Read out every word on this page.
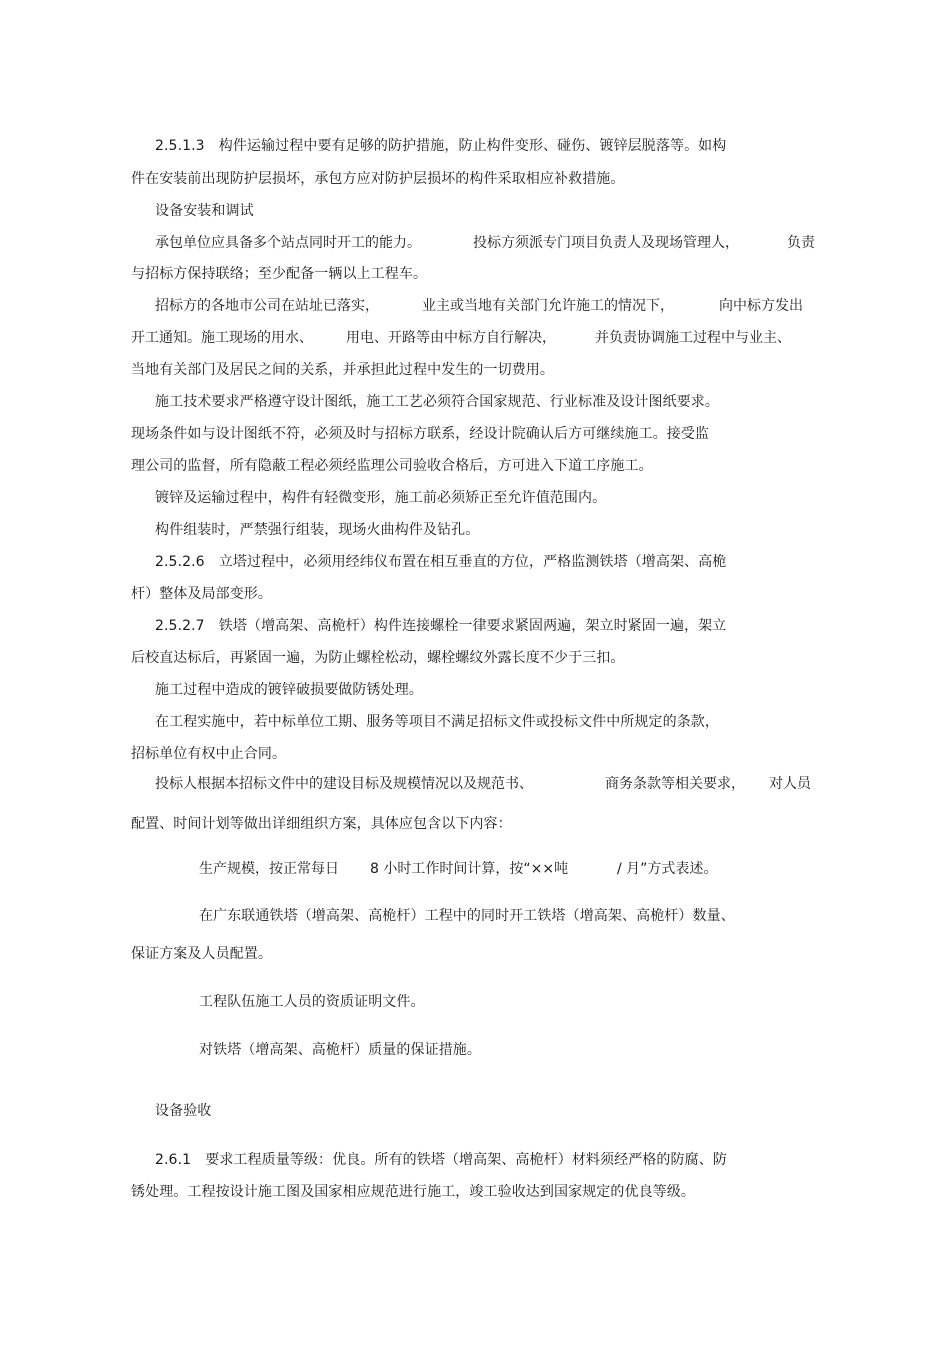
2.5.1.3　构件运输过程中要有足够的防护措施，防止构件变形、碰伤、镀锌层脱落等。如构
件在安装前出现防护层损坏，承包方应对防护层损坏的构件采取相应补救措施。
设备安装和调试
承包单位应具备多个站点同时开工的能力。	投标方须派专门项目负责人及现场管理人，	负责
与招标方保持联络；至少配备一辆以上工程车。
招标方的各地市公司在站址已落实，	业主或当地有关部门允许施工的情况下，	向中标方发出
开工通知。施工现场的用水、 用电、开路等由中标方自行解决，	并负责协调施工过程中与业主、
当地有关部门及居民之间的关系，并承担此过程中发生的一切费用。
施工技术要求严格遵守设计图纸，施工工艺必须符合国家规范、行业标准及设计图纸要求。
现场条件如与设计图纸不符，必须及时与招标方联系，经设计院确认后方可继续施工。接受监
理公司的监督，所有隐蔽工程必须经监理公司验收合格后，方可进入下道工序施工。
镀锌及运输过程中，构件有轻微变形，施工前必须矫正至允许值范围内。
构件组装时，严禁强行组装，现场火曲构件及钻孔。
2.5.2.6　立塔过程中，必须用经纬仪布置在相互垂直的方位，严格监测铁塔（增高架、高桅
杆）整体及局部变形。
2.5.2.7　铁塔（增高架、高桅杆）构件连接螺栓一律要求紧固两遍，架立时紧固一遍，架立
后校直达标后，再紧固一遍，为防止螺栓松动，螺栓螺纹外露长度不少于三扣。
施工过程中造成的镀锌破损要做防锈处理。
在工程实施中，若中标单位工期、服务等项目不满足招标文件或投标文件中所规定的条款，
招标单位有权中止合同。
投标人根据本招标文件中的建设目标及规模情况以及规范书、	商务条款等相关要求， 对人员
配置、时间计划等做出详细组织方案，具体应包含以下内容：
生产规模，按正常每日 8 小时工作时间计算，按“××吨	/ 月”方式表述。
在广东联通铁塔（增高架、高桅杆）工程中的同时开工铁塔（增高架、高桅杆）数量、
保证方案及人员配置。
工程队伍施工人员的资质证明文件。
对铁塔（增高架、高桅杆）质量的保证措施。
设备验收
2.6.1　要求工程质量等级：优良。所有的铁塔（增高架、高桅杆）材料须经严格的防腐、防
锈处理。工程按设计施工图及国家相应规范进行施工，竣工验收达到国家规定的优良等级。
